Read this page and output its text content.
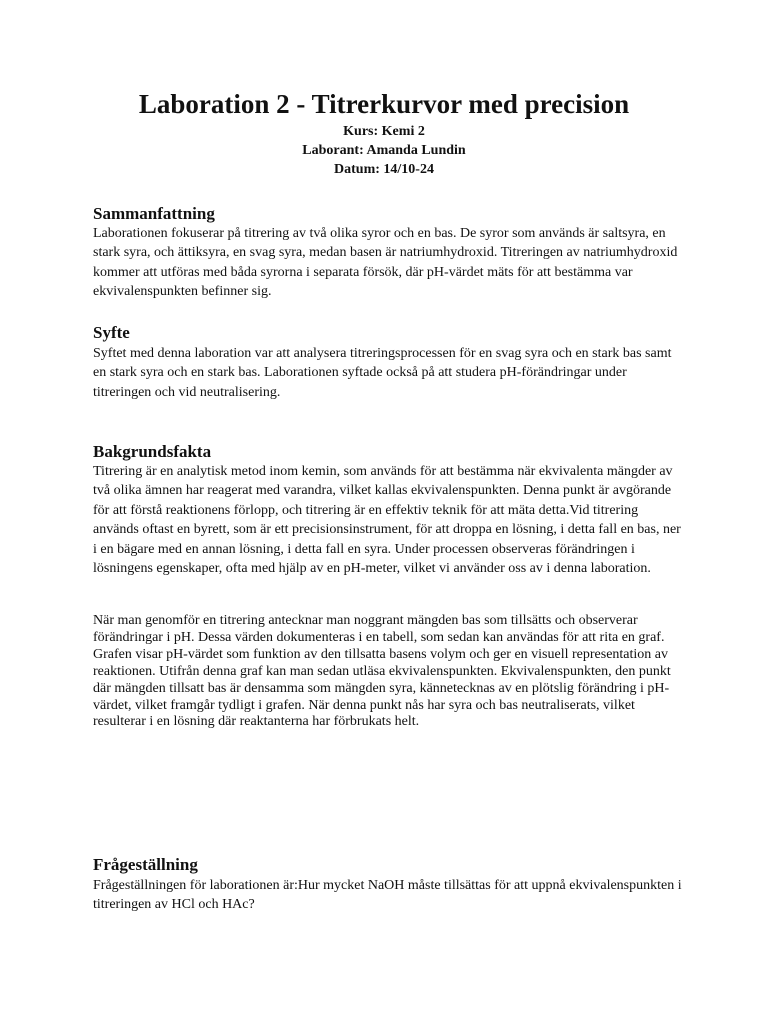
Laboration 2 - Titrerkurvor med precision

Kurs: Kemi 2

Laborant: Amanda Lundin

Datum: 14/10-24

Sammanfattning

Laborationen fokuserar på titrering av två olika syror och en bas. De syror som används är saltsyra, en stark syra, och ättiksyra, en svag syra, medan basen är natriumhydroxid. Titreringen av natriumhydroxid kommer att utföras med båda syrorna i separata försök, där pH-värdet mäts för att bestämma var ekvivalenspunkten befinner sig.

Syfte

Syftet med denna laboration var att analysera titreringsprocessen för en svag syra och en stark bas samt en stark syra och en stark bas. Laborationen syftade också på att studera pH-förändringar under titreringen och vid neutralisering.

Bakgrundsfakta

Titrering är en analytisk metod inom kemin, som används för att bestämma när ekvivalenta mängder av två olika ämnen har reagerat med varandra, vilket kallas ekvivalenspunkten. Denna punkt är avgörande för att förstå reaktionens förlopp, och titrering är en effektiv teknik för att mäta detta.Vid titrering används oftast en byrett, som är ett precisionsinstrument, för att droppa en lösning, i detta fall en bas, ner i en bägare med en annan lösning, i detta fall en syra. Under processen observeras förändringen i lösningens egenskaper, ofta med hjälp av en pH-meter, vilket vi använder oss av i denna laboration.

När man genomför en titrering antecknar man noggrant mängden bas som tillsätts och observerar förändringar i pH. Dessa värden dokumenteras i en tabell, som sedan kan användas för att rita en graf. Grafen visar pH-värdet som funktion av den tillsatta basens volym och ger en visuell representation av reaktionen. Utifrån denna graf kan man sedan utläsa ekvivalenspunkten. Ekvivalenspunkten, den punkt där mängden tillsatt bas är densamma som mängden syra, kännetecknas av en plötslig förändring i pH-värdet, vilket framgår tydligt i grafen. När denna punkt nås har syra och bas neutraliserats, vilket resulterar i en lösning där reaktanterna har förbrukats helt.

Frågeställning

Frågeställningen för laborationen är:Hur mycket NaOH måste tillsättas för att uppnå ekvivalenspunkten i titreringen av HCl och HAc?
